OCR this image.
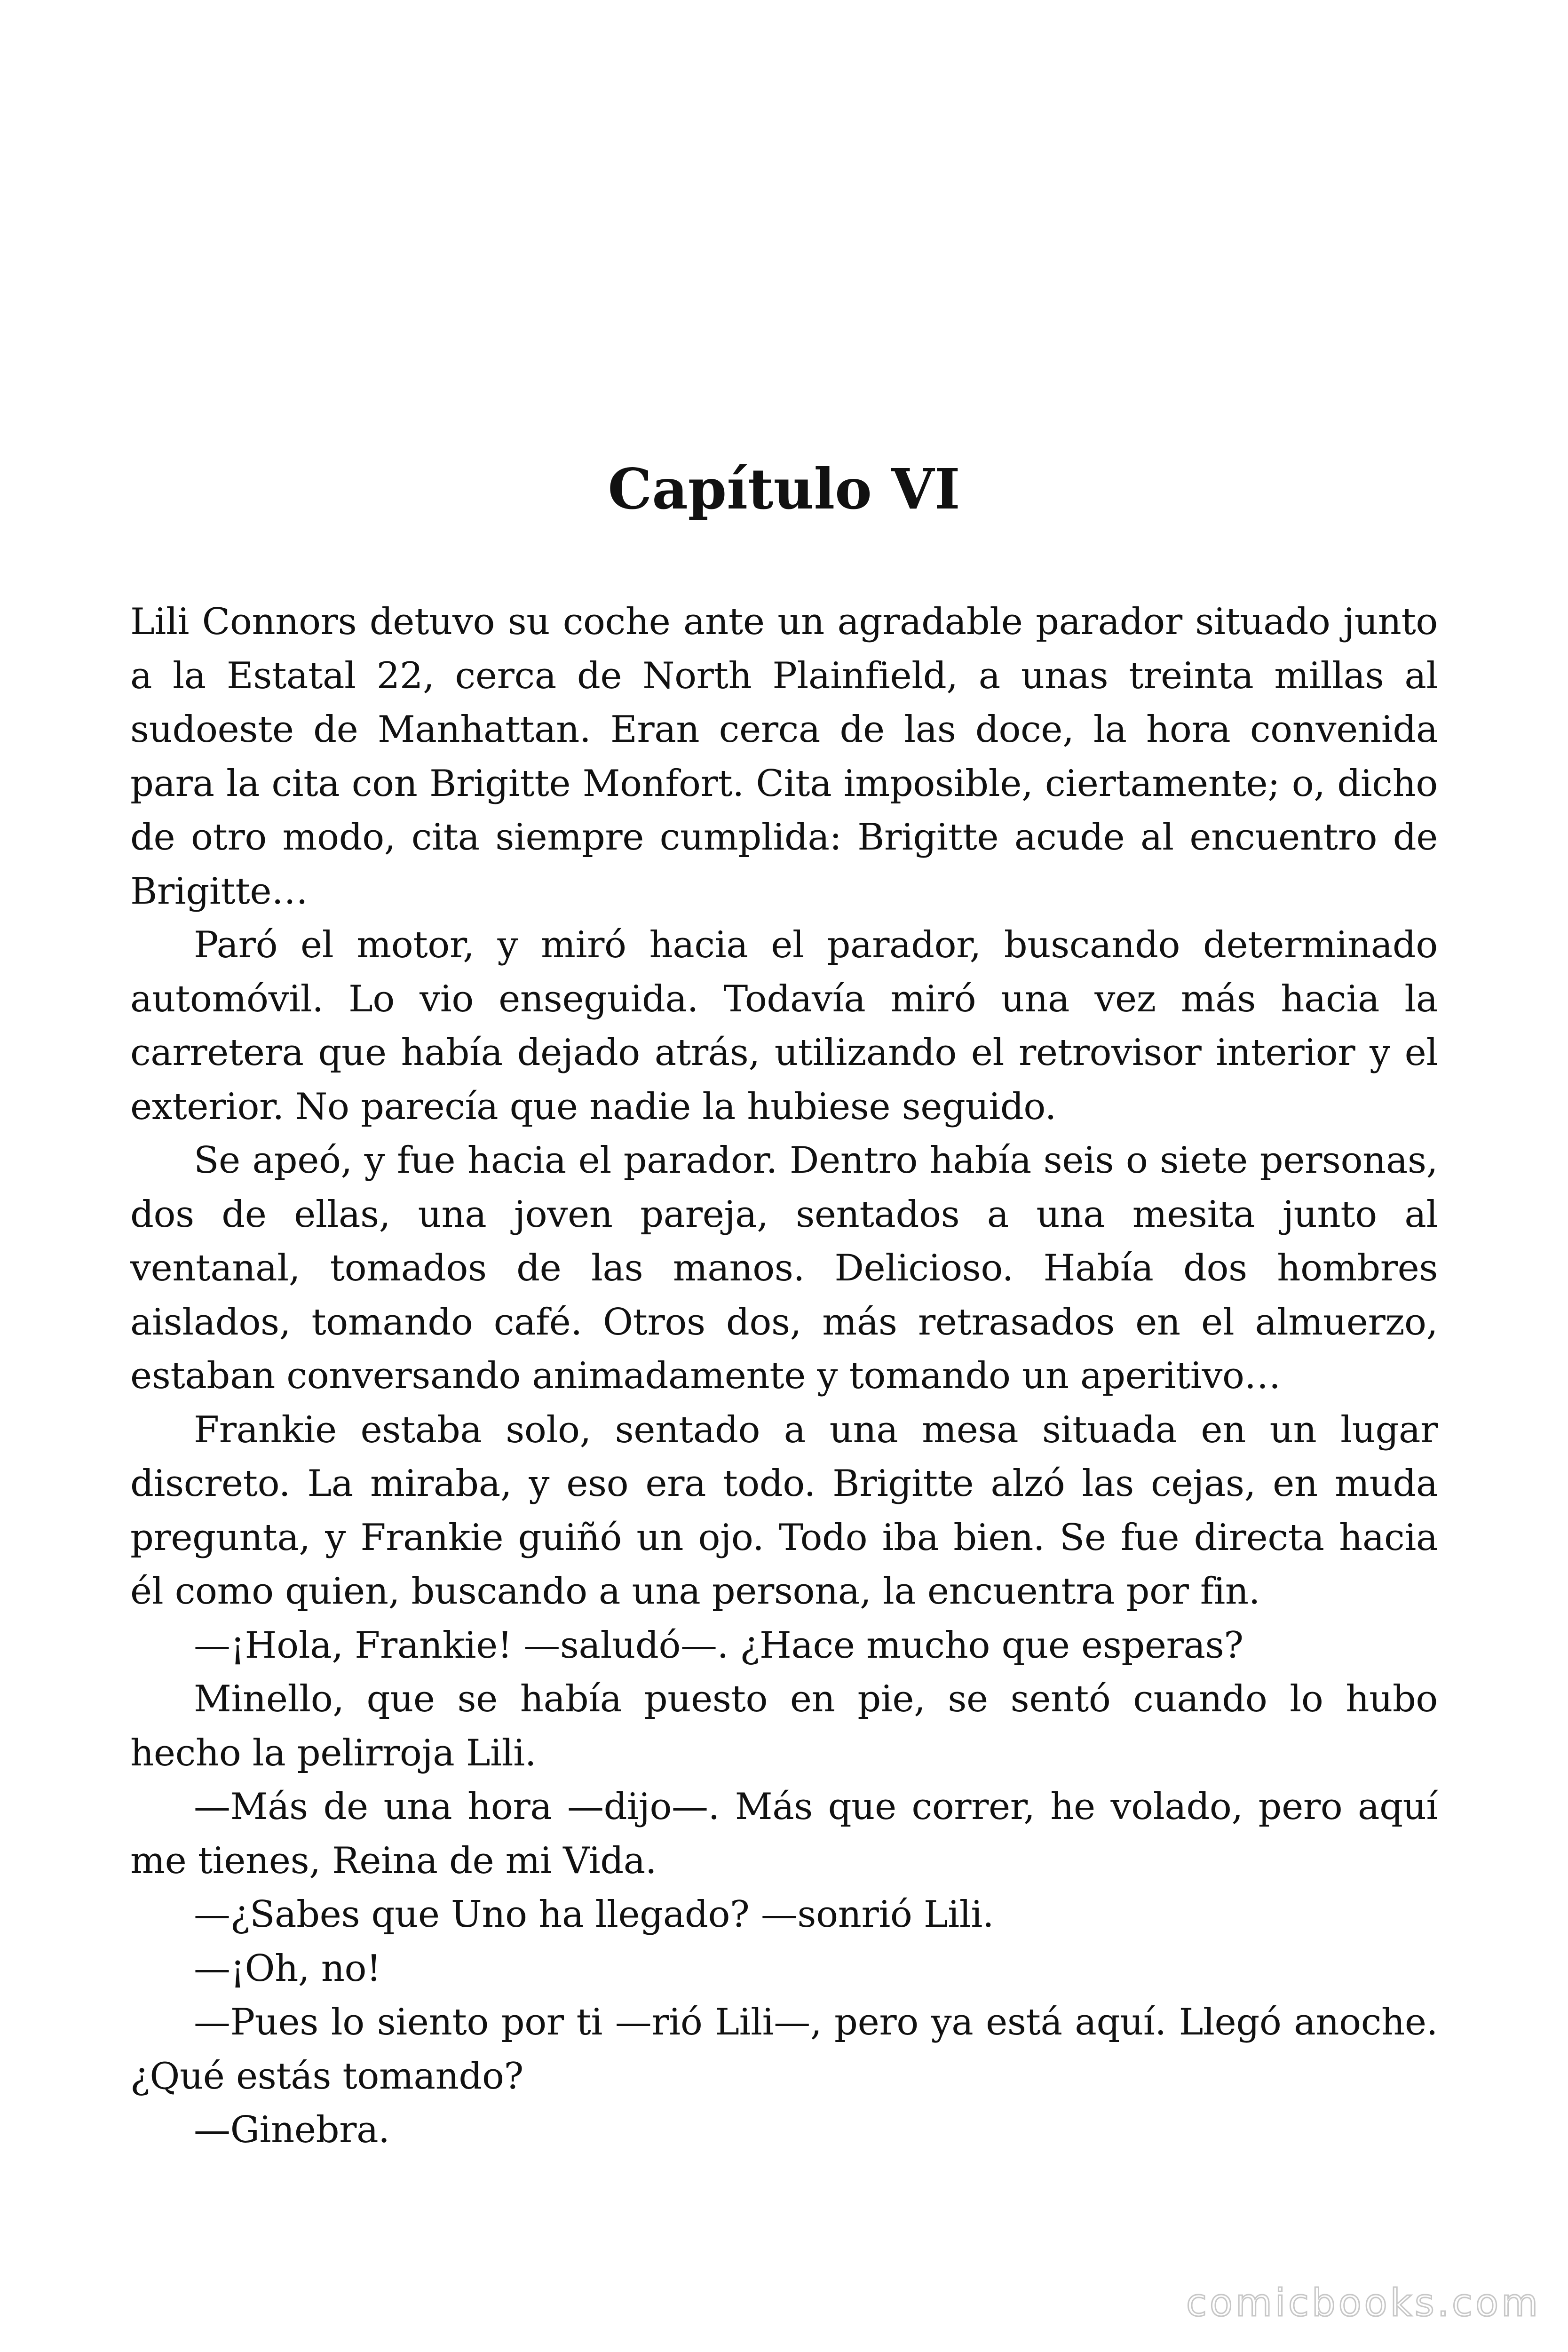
Capítulo VI

Lili Connors detuvo su coche ante un agradable parador situado junto a la Estatal 22, cerca de North Plainfield, a unas treinta millas al sudoeste de Manhattan. Eran cerca de las doce, la hora convenida para la cita con Brigitte Monfort. Cita imposible, ciertamente; o, dicho de otro modo, cita siempre cumplida: Brigitte acude al encuentro de Brigitte…

Paró el motor, y miró hacia el parador, buscando determinado automóvil. Lo vio enseguida. Todavía miró una vez más hacia la carretera que había dejado atrás, utilizando el retrovisor interior y el exterior. No parecía que nadie la hubiese seguido.

Se apeó, y fue hacia el parador. Dentro había seis o siete personas, dos de ellas, una joven pareja, sentados a una mesita junto al ventanal, tomados de las manos. Delicioso. Había dos hombres aislados, tomando café. Otros dos, más retrasados en el almuerzo, estaban conversando animadamente y tomando un aperitivo…

Frankie estaba solo, sentado a una mesa situada en un lugar discreto. La miraba, y eso era todo. Brigitte alzó las cejas, en muda pregunta, y Frankie guiñó un ojo. Todo iba bien. Se fue directa hacia él como quien, buscando a una persona, la encuentra por fin.

—¡Hola, Frankie! —saludó—. ¿Hace mucho que esperas?

Minello, que se había puesto en pie, se sentó cuando lo hubo hecho la pelirroja Lili.

—Más de una hora —dijo—. Más que correr, he volado, pero aquí me tienes, Reina de mi Vida.

—¿Sabes que Uno ha llegado? —sonrió Lili.

—¡Oh, no!

—Pues lo siento por ti —rió Lili—, pero ya está aquí. Llegó anoche. ¿Qué estás tomando?

—Ginebra.

comicbooks.com
